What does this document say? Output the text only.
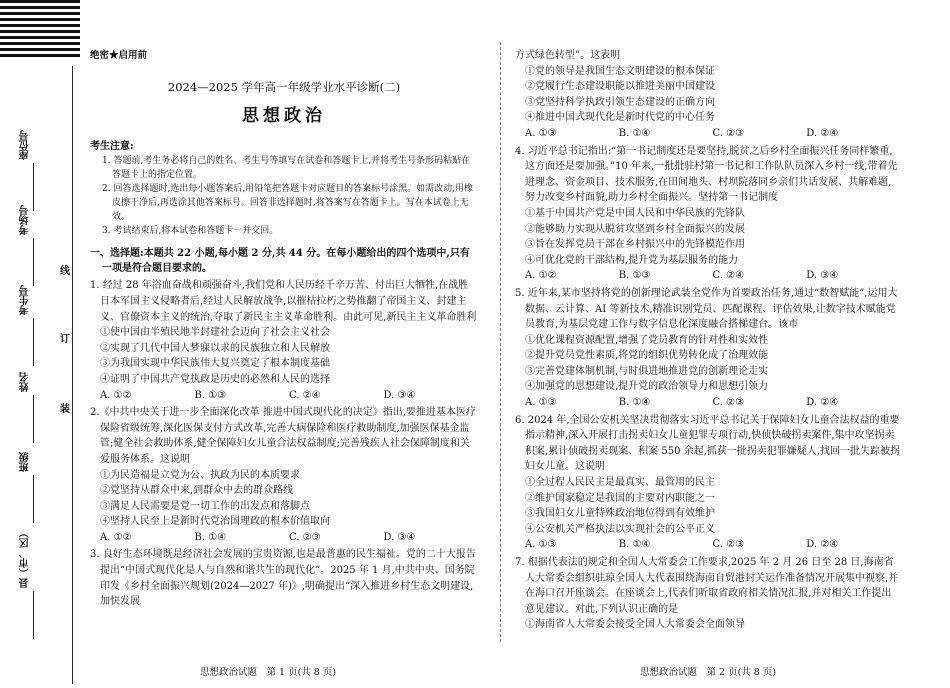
座位号
考场号
考生号
姓名
班级
县（市、区）
线
订
装
绝密★启用前
2024—2025 学年高一年级学业水平诊断(二)
思想政治
考生注意:
1. 答题前,考生务必将自己的姓名、考生号等填写在试卷和答题卡上,并将考生号条形码粘贴在答题卡上的指定位置。
2. 回答选择题时,选出每小题答案后,用铅笔把答题卡对应题目的答案标号涂黑。如需改动,用橡皮擦干净后,再选涂其他答案标号。回答非选择题时,将答案写在答题卡上。写在本试卷上无效。
3. 考试结束后,将本试卷和答题卡一并交回。
一、选择题:本题共 22 小题,每小题 2 分,共 44 分。在每小题给出的四个选项中,只有一项是符合题目要求的。
1. 经过 28 年浴血奋战和顽强奋斗,我们党和人民历经千辛万苦、付出巨大牺牲,在战胜日本军国主义侵略者后,经过人民解放战争,以摧枯拉朽之势推翻了帝国主义、封建主义、官僚资本主义的统治,夺取了新民主主义革命胜利。由此可见,新民主主义革命胜利
①使中国由半殖民地半封建社会迈向了社会主义社会
②实现了几代中国人梦寐以求的民族独立和人民解放
③为我国实现中华民族伟大复兴奠定了根本制度基础
④证明了中国共产党执政是历史的必然和人民的选择
A. ①②	B. ①③	C. ②④	D. ③④
2.《中共中央关于进一步全面深化改革 推进中国式现代化的决定》指出,要推进基本医疗保险省级统筹,深化医保支付方式改革,完善大病保险和医疗救助制度,加强医保基金监管;健全社会救助体系,健全保障妇女儿童合法权益制度;完善残疾人社会保障制度和关爱服务体系。这说明
①为民造福是立党为公、执政为民的本质要求
②党坚持从群众中来,到群众中去的群众路线
③满足人民需要是党一切工作的出发点和落脚点
④坚持人民至上是新时代党治国理政的根本价值取向
A. ①②	B. ①④	C. ②③	D. ③④
3. 良好生态环境既是经济社会发展的宝贵资源,也是最普惠的民生福祉。党的二十大报告提出“中国式现代化是人与自然和谐共生的现代化”。2025 年 1 月,中共中央、国务院印发《乡村全面振兴规划(2024—2027 年)》,明确提出“深入推进乡村生态文明建设,加快发展
思想政治试题　第 1 页(共 8 页)
方式绿色转型”。这表明
①党的领导是我国生态文明建设的根本保证
②党履行生态建设职能以推进美丽中国建设
③党坚持科学执政引领生态建设的正确方向
④推进中国式现代化是新时代党的中心任务
A. ①③	B. ①④	C. ②③	D. ②④
4. 习近平总书记指出:“第一书记制度还是要坚持,脱贫之后乡村全面振兴任务同样繁重,这方面还是要加强。”10 年来,一批批驻村第一书记和工作队队员深入乡村一线,带着先进理念、资金项目、技术服务,在田间地头、村坝院落同乡亲们共话发展、共解难题,努力改变乡村面貌,助力乡村全面振兴。坚持第一书记制度
①基于中国共产党是中国人民和中华民族的先锋队
②能够助力实现从脱贫攻坚到乡村全面振兴的发展
③旨在发挥党员干部在乡村振兴中的先锋模范作用
④可优化党的干部结构,提升党为基层服务的能力
A. ①②	B. ①③	C. ②④	D. ③④
5. 近年来,某市坚持将党的创新理论武装全党作为首要政治任务,通过“数智赋能”,运用大数据、云计算、AI 等新技术,精准识别党员、匹配课程、评估效果,让数字技术赋能党员教育,为基层党建工作与数字信息化深度融合搭梯建台。该市
①优化课程资源配置,增强了党员教育的针对性和实效性
②提升党员党性素质,将党的组织优势转化成了治理效能
③完善党建体制机制,与时俱进地推进党的创新理论走实
④加强党的思想建设,提升党的政治领导力和思想引领力
A. ①③	B. ①④	C. ②③	D. ②④
6. 2024 年,全国公安机关坚决贯彻落实习近平总书记关于保障妇女儿童合法权益的重要指示精神,深入开展打击拐卖妇女儿童犯罪专项行动,快侦快破拐卖案件,集中攻坚拐卖积案,累计侦破拐卖现案、积案 550 余起,抓获一批拐卖犯罪嫌疑人,找回一批失踪被拐妇女儿童。这说明
①全过程人民民主是最真实、最管用的民主
②维护国家稳定是我国的主要对内职能之一
③我国妇女儿童特殊政治地位得到有效维护
④公安机关严格执法以实现社会的公平正义
A. ①③	B. ①④	C. ②③	D. ②④
7. 根据代表法的规定和全国人大常委会工作要求,2025 年 2 月 26 日至 28 日,海南省人大常委会组织驻琼全国人大代表围绕海南自贸港封关运作准备情况开展集中视察,并在海口召开座谈会。在座谈会上,代表们听取省政府相关情况汇报,并对相关工作提出意见建议。对此,下列认识正确的是
①海南省人大常委会接受全国人大常委会全面领导
思想政治试题　第 2 页(共 8 页)
